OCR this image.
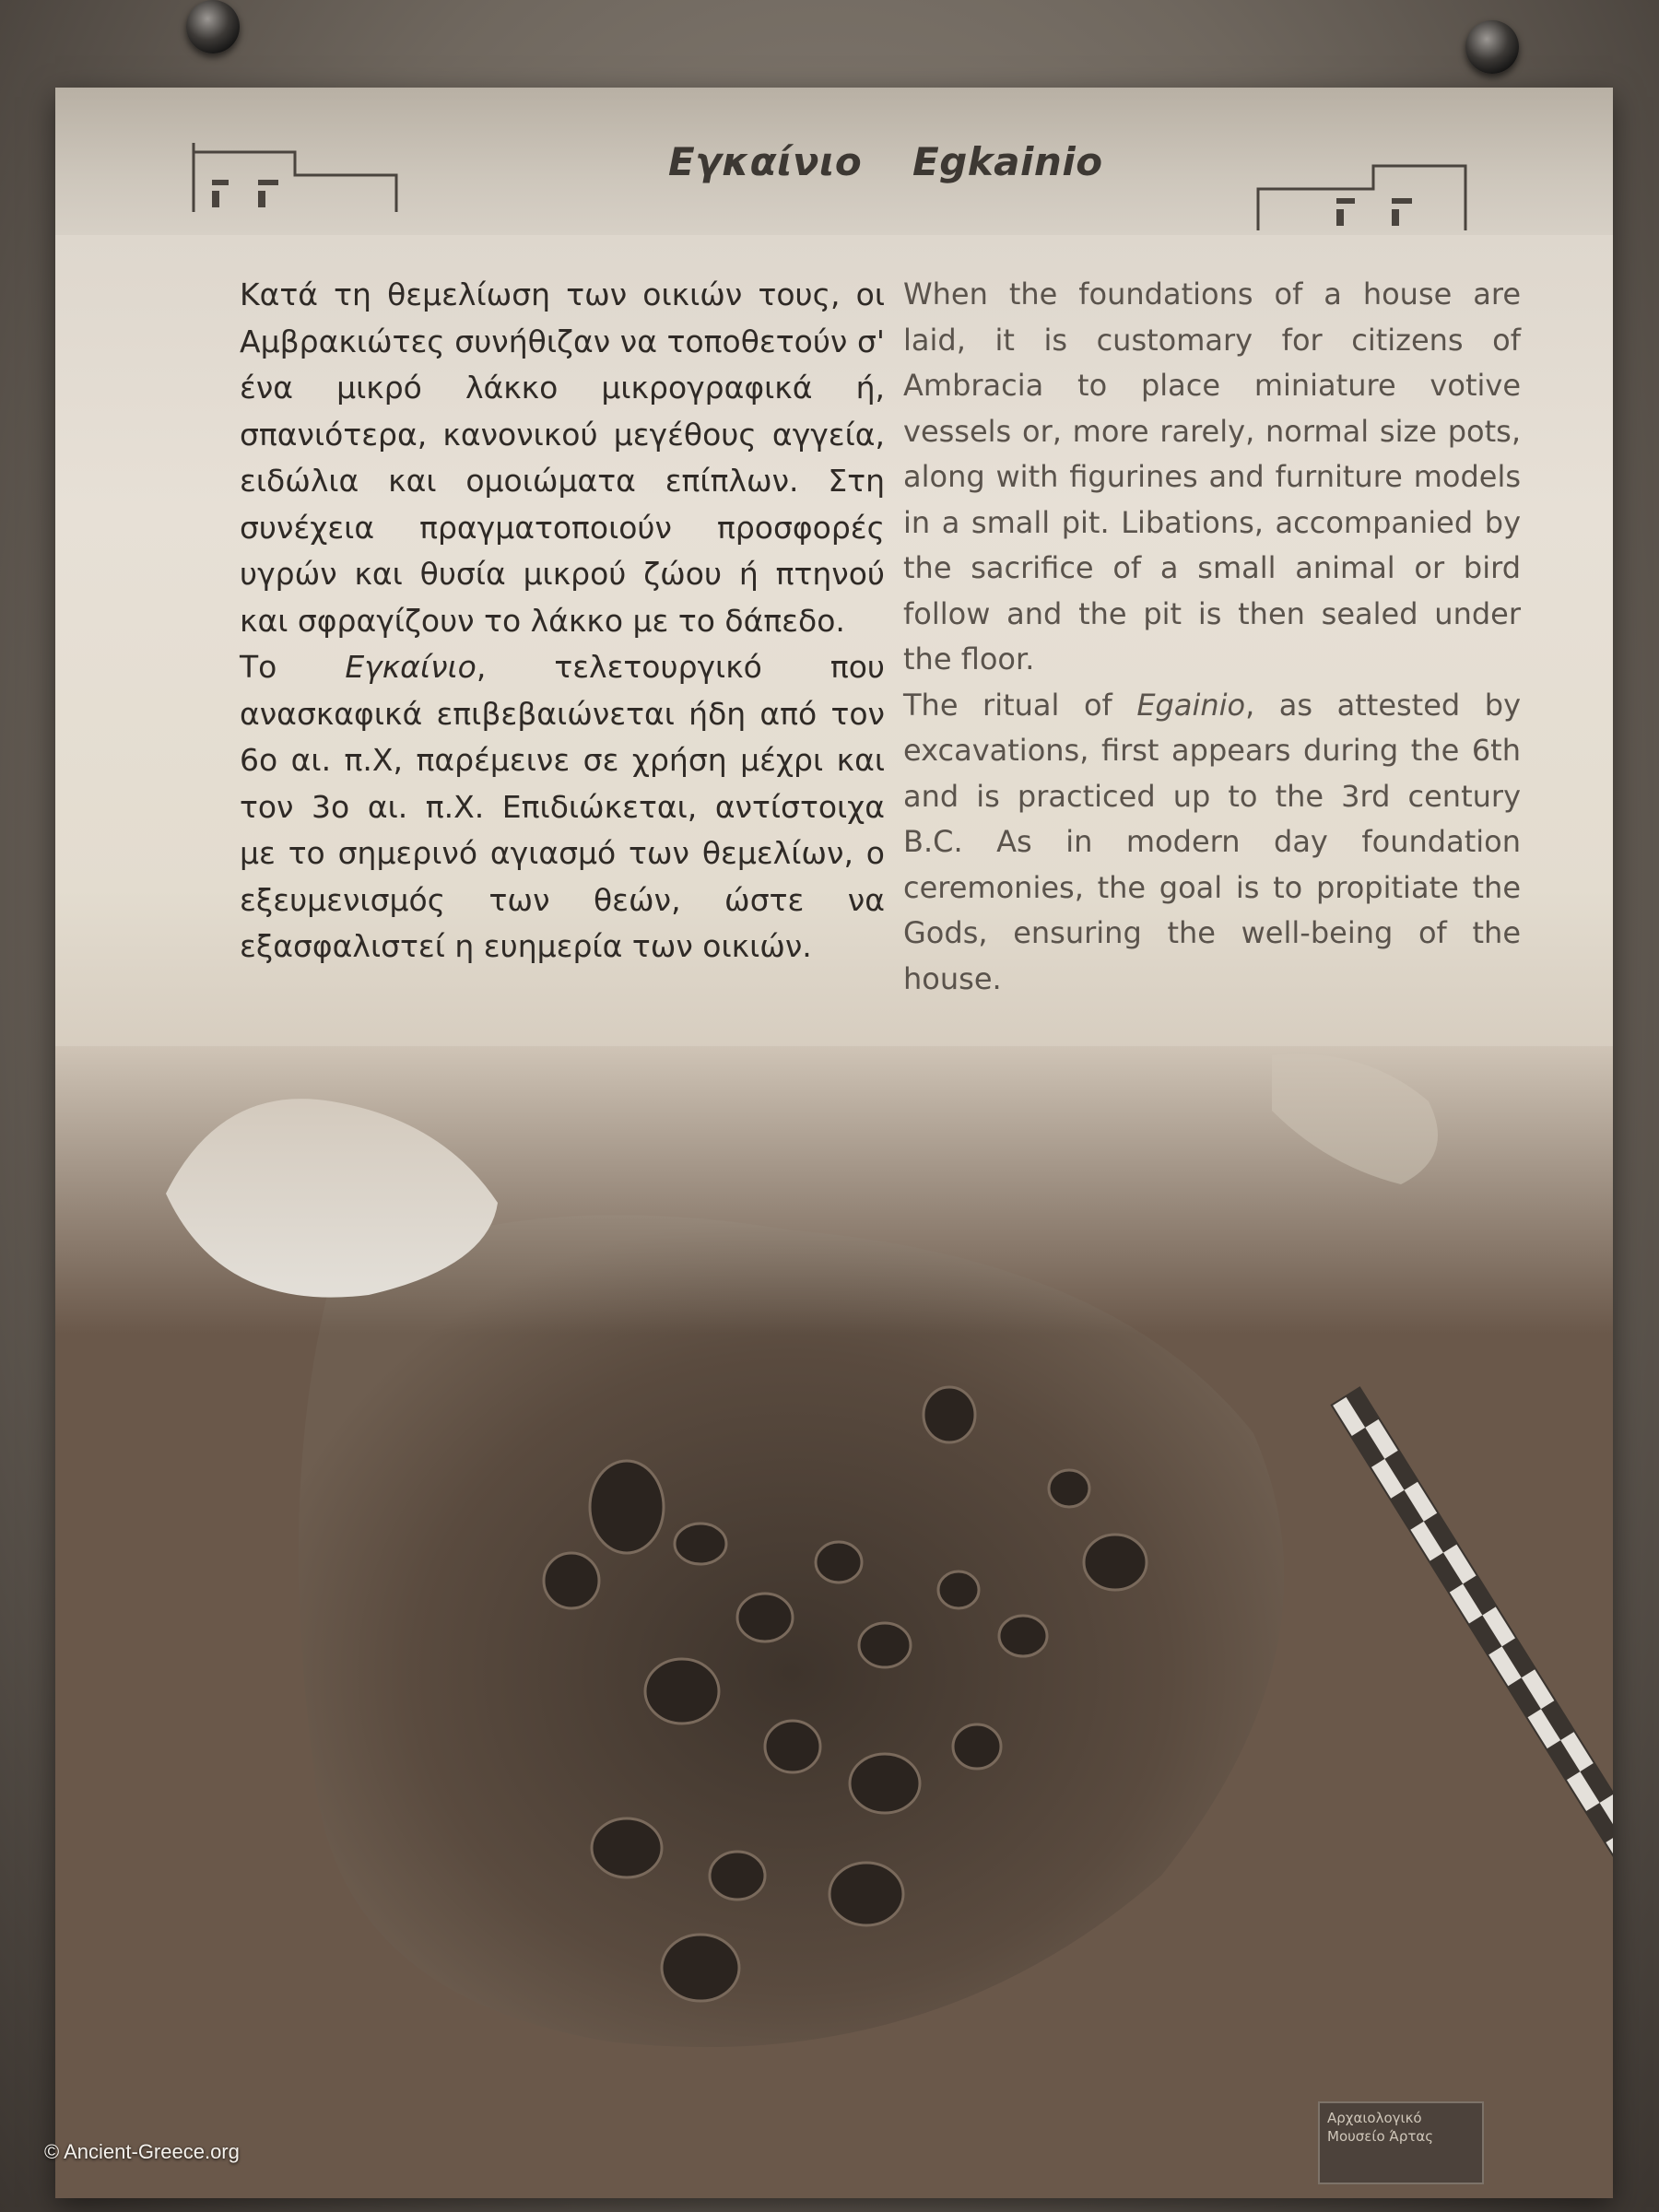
Εγκαίνιο Egkainio

Κατά τη θεμελίωση των οικιών τους, οι Αμβρακιώτες συνήθιζαν να τοποθετούν σ' ένα μικρό λάκκο μικρογραφικά ή, σπανιότερα, κανονικού μεγέθους αγγεία, ειδώλια και ομοιώματα επίπλων. Στη συνέχεια πραγματοποιούν προσφορές υγρών και θυσία μικρού ζώου ή πτηνού και σφραγίζουν το λάκκο με το δάπεδο.

Το Εγκαίνιο, τελετουργικό που ανασκαφικά επιβεβαιώνεται ήδη από τον 6ο αι. π.Χ, παρέμεινε σε χρήση μέχρι και τον 3ο αι. π.Χ. Επιδιώκεται, αντίστοιχα με το σημερινό αγιασμό των θεμελίων, ο εξευμενισμός των θεών, ώστε να εξασφαλιστεί η ευημερία των οικιών.

When the foundations of a house are laid, it is customary for citizens of Ambracia to place miniature votive vessels or, more rarely, normal size pots, along with figurines and furniture models in a small pit. Libations, accompanied by the sacrifice of a small animal or bird follow and the pit is then sealed under the floor.

The ritual of Egainio, as attested by excavations, first appears during the 6th and is practiced up to the 3rd century B.C. As in modern day foundation ceremonies, the goal is to propitiate the Gods, ensuring the well-being of the house.

Αρχαιολογικό
Μουσείο Άρτας
© Ancient-Greece.org
